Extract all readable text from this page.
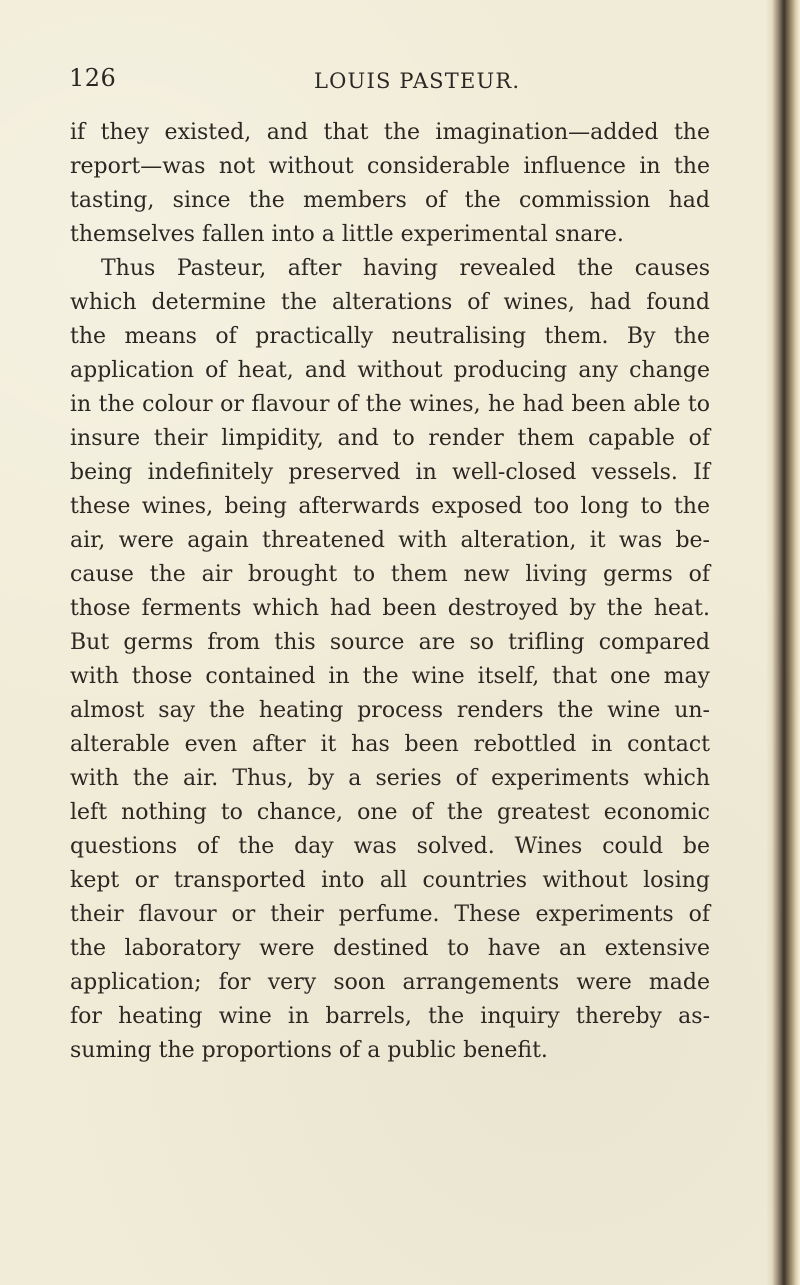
126	LOUIS PASTEUR.
if they existed, and that the imagination—added the
report—was not without considerable influence in the
tasting, since the members of the commission had
themselves fallen into a little experimental snare.
Thus Pasteur, after having revealed the causes
which determine the alterations of wines, had found
the means of practically neutralising them. By the
application of heat, and without producing any change
in the colour or flavour of the wines, he had been able to
insure their limpidity, and to render them capable of
being indefinitely preserved in well-closed vessels. If
these wines, being afterwards exposed too long to the
air, were again threatened with alteration, it was be-
cause the air brought to them new living germs of
those ferments which had been destroyed by the heat.
But germs from this source are so trifling compared
with those contained in the wine itself, that one may
almost say the heating process renders the wine un-
alterable even after it has been rebottled in contact
with the air. Thus, by a series of experiments which
left nothing to chance, one of the greatest economic
questions of the day was solved. Wines could be
kept or transported into all countries without losing
their flavour or their perfume. These experiments of
the laboratory were destined to have an extensive
application; for very soon arrangements were made
for heating wine in barrels, the inquiry thereby as-
suming the proportions of a public benefit.
